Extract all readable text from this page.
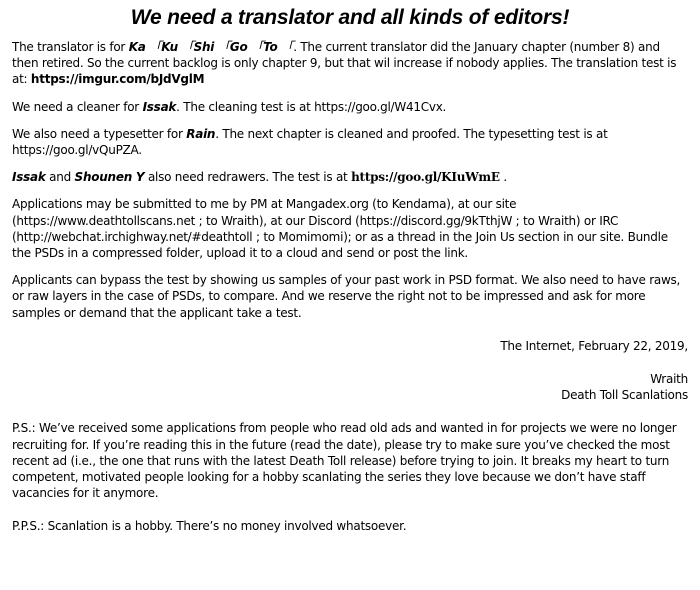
We need a translator and all kinds of editors!

The translator is for Ka 「Ku 「Shi 「Go 「To 「. The current translator did the January chapter (number 8) and then retired. So the current backlog is only chapter 9, but that wil increase if nobody applies. The translation test is at: https://imgur.com/bJdVglM

We need a cleaner for Issak. The cleaning test is at https://goo.gl/W41Cvx.

We also need a typesetter for Rain. The next chapter is cleaned and proofed. The typesetting test is at https://goo.gl/vQuPZA.

Issak and Shounen Y also need redrawers. The test is at https://goo.gl/KIuWmE .

Applications may be submitted to me by PM at Mangadex.org (to Kendama), at our site (https://www.deathtollscans.net ; to Wraith), at our Discord (https://discord.gg/9kTthjW ; to Wraith) or IRC (http://webchat.irchighway.net/#deathtoll ; to Momimomi); or as a thread in the Join Us section in our site. Bundle the PSDs in a compressed folder, upload it to a cloud and send or post the link.

Applicants can bypass the test by showing us samples of your past work in PSD format. We also need to have raws, or raw layers in the case of PSDs, to compare. And we reserve the right not to be impressed and ask for more samples or demand that the applicant take a test.

The Internet, February 22, 2019,

Wraith
Death Toll Scanlations

P.S.: We’ve received some applications from people who read old ads and wanted in for projects we were no longer recruiting for. If you’re reading this in the future (read the date), please try to make sure you’ve checked the most recent ad (i.e., the one that runs with the latest Death Toll release) before trying to join. It breaks my heart to turn competent, motivated people looking for a hobby scanlating the series they love because we don’t have staff vacancies for it anymore.

P.P.S.: Scanlation is a hobby. There’s no money involved whatsoever.
